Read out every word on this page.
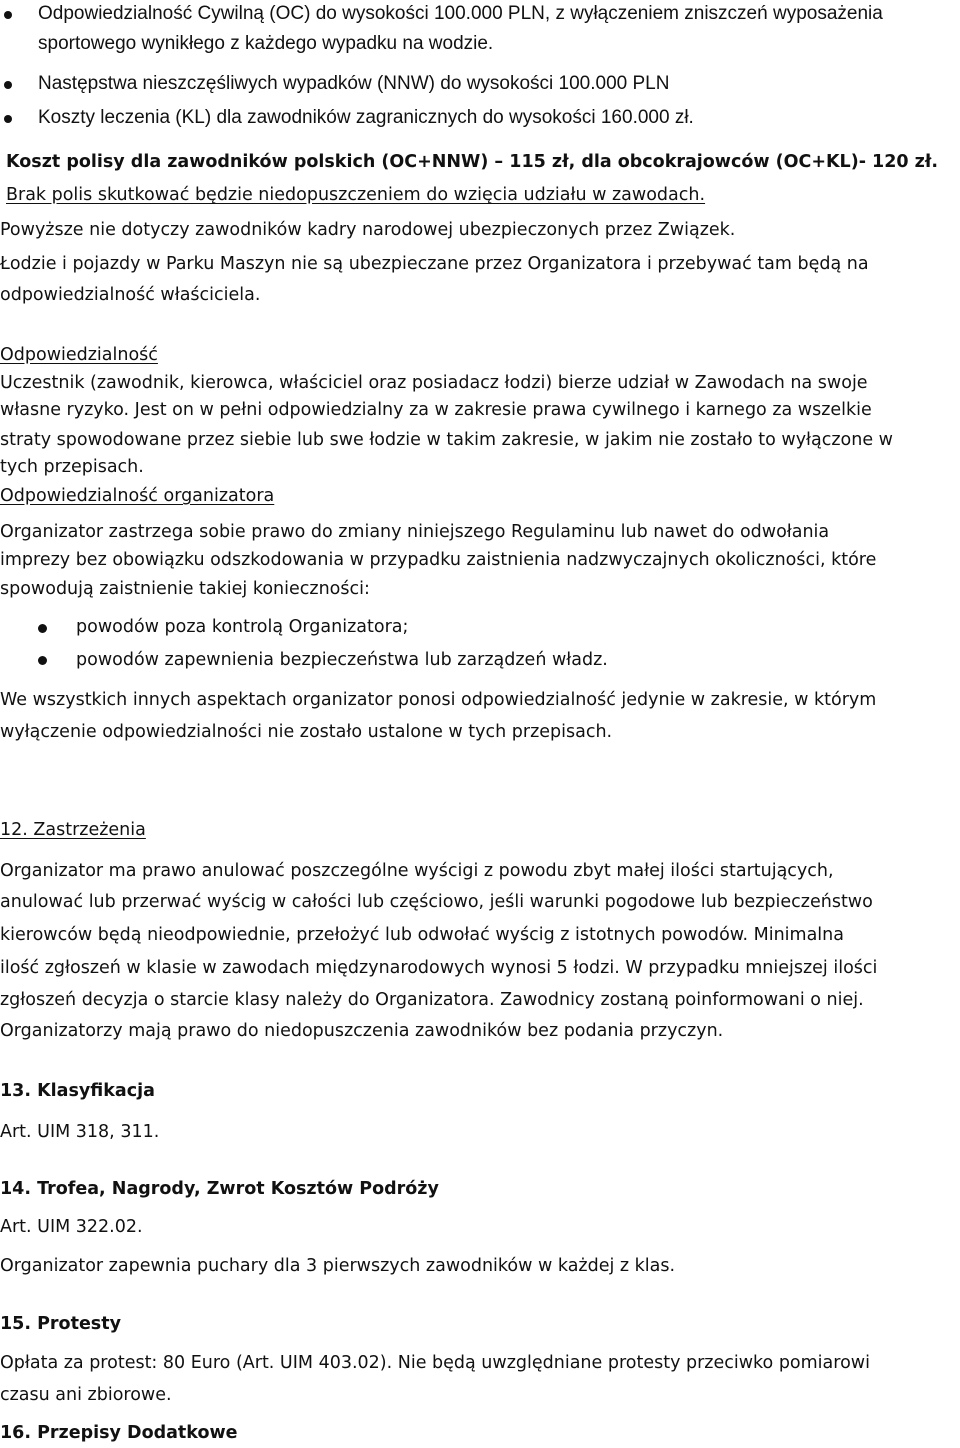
Odpowiedzialność Cywilną (OC) do wysokości 100.000 PLN, z wyłączeniem zniszczeń wyposażenia
sportowego wynikłego z każdego wypadku na wodzie.
Następstwa nieszczęśliwych wypadków (NNW) do wysokości 100.000 PLN
Koszty leczenia (KL) dla zawodników zagranicznych do wysokości 160.000 zł.
Koszt polisy dla zawodników polskich (OC+NNW) – 115 zł, dla obcokrajowców (OC+KL)- 120 zł.
Brak polis skutkować będzie niedopuszczeniem do wzięcia udziału w zawodach.
Powyższe nie dotyczy zawodników kadry narodowej ubezpieczonych przez Związek.
Łodzie i pojazdy w Parku Maszyn nie są ubezpieczane przez Organizatora i przebywać tam będą na
odpowiedzialność właściciela.
Odpowiedzialność
Uczestnik (zawodnik, kierowca, właściciel oraz posiadacz łodzi) bierze udział w Zawodach na swoje
własne ryzyko. Jest on w pełni odpowiedzialny za w zakresie prawa cywilnego i karnego za wszelkie
straty spowodowane przez siebie lub swe łodzie w takim zakresie, w jakim nie zostało to wyłączone w
tych przepisach.
Odpowiedzialność organizatora
Organizator zastrzega sobie prawo do zmiany niniejszego Regulaminu lub nawet do odwołania
imprezy bez obowiązku odszkodowania w przypadku zaistnienia nadzwyczajnych okoliczności, które
spowodują zaistnienie takiej konieczności:
powodów poza kontrolą Organizatora;
powodów zapewnienia bezpieczeństwa lub zarządzeń władz.
We wszystkich innych aspektach organizator ponosi odpowiedzialność jedynie w zakresie, w którym
wyłączenie odpowiedzialności nie zostało ustalone w tych przepisach.
12. Zastrzeżenia
Organizator ma prawo anulować poszczególne wyścigi z powodu zbyt małej ilości startujących,
anulować lub przerwać wyścig w całości lub częściowo, jeśli warunki pogodowe lub bezpieczeństwo
kierowców będą nieodpowiednie, przełożyć lub odwołać wyścig z istotnych powodów. Minimalna
ilość zgłoszeń w klasie w zawodach międzynarodowych wynosi 5 łodzi. W przypadku mniejszej ilości
zgłoszeń decyzja o starcie klasy należy do Organizatora. Zawodnicy zostaną poinformowani o niej.
Organizatorzy mają prawo do niedopuszczenia zawodników bez podania przyczyn.
13. Klasyfikacja
Art. UIM 318, 311.
14. Trofea, Nagrody, Zwrot Kosztów Podróży
Art. UIM 322.02.
Organizator zapewnia puchary dla 3 pierwszych zawodników w każdej z klas.
15. Protesty
Opłata za protest: 80 Euro (Art. UIM 403.02). Nie będą uwzględniane protesty przeciwko pomiarowi
czasu ani zbiorowe.
16. Przepisy Dodatkowe
